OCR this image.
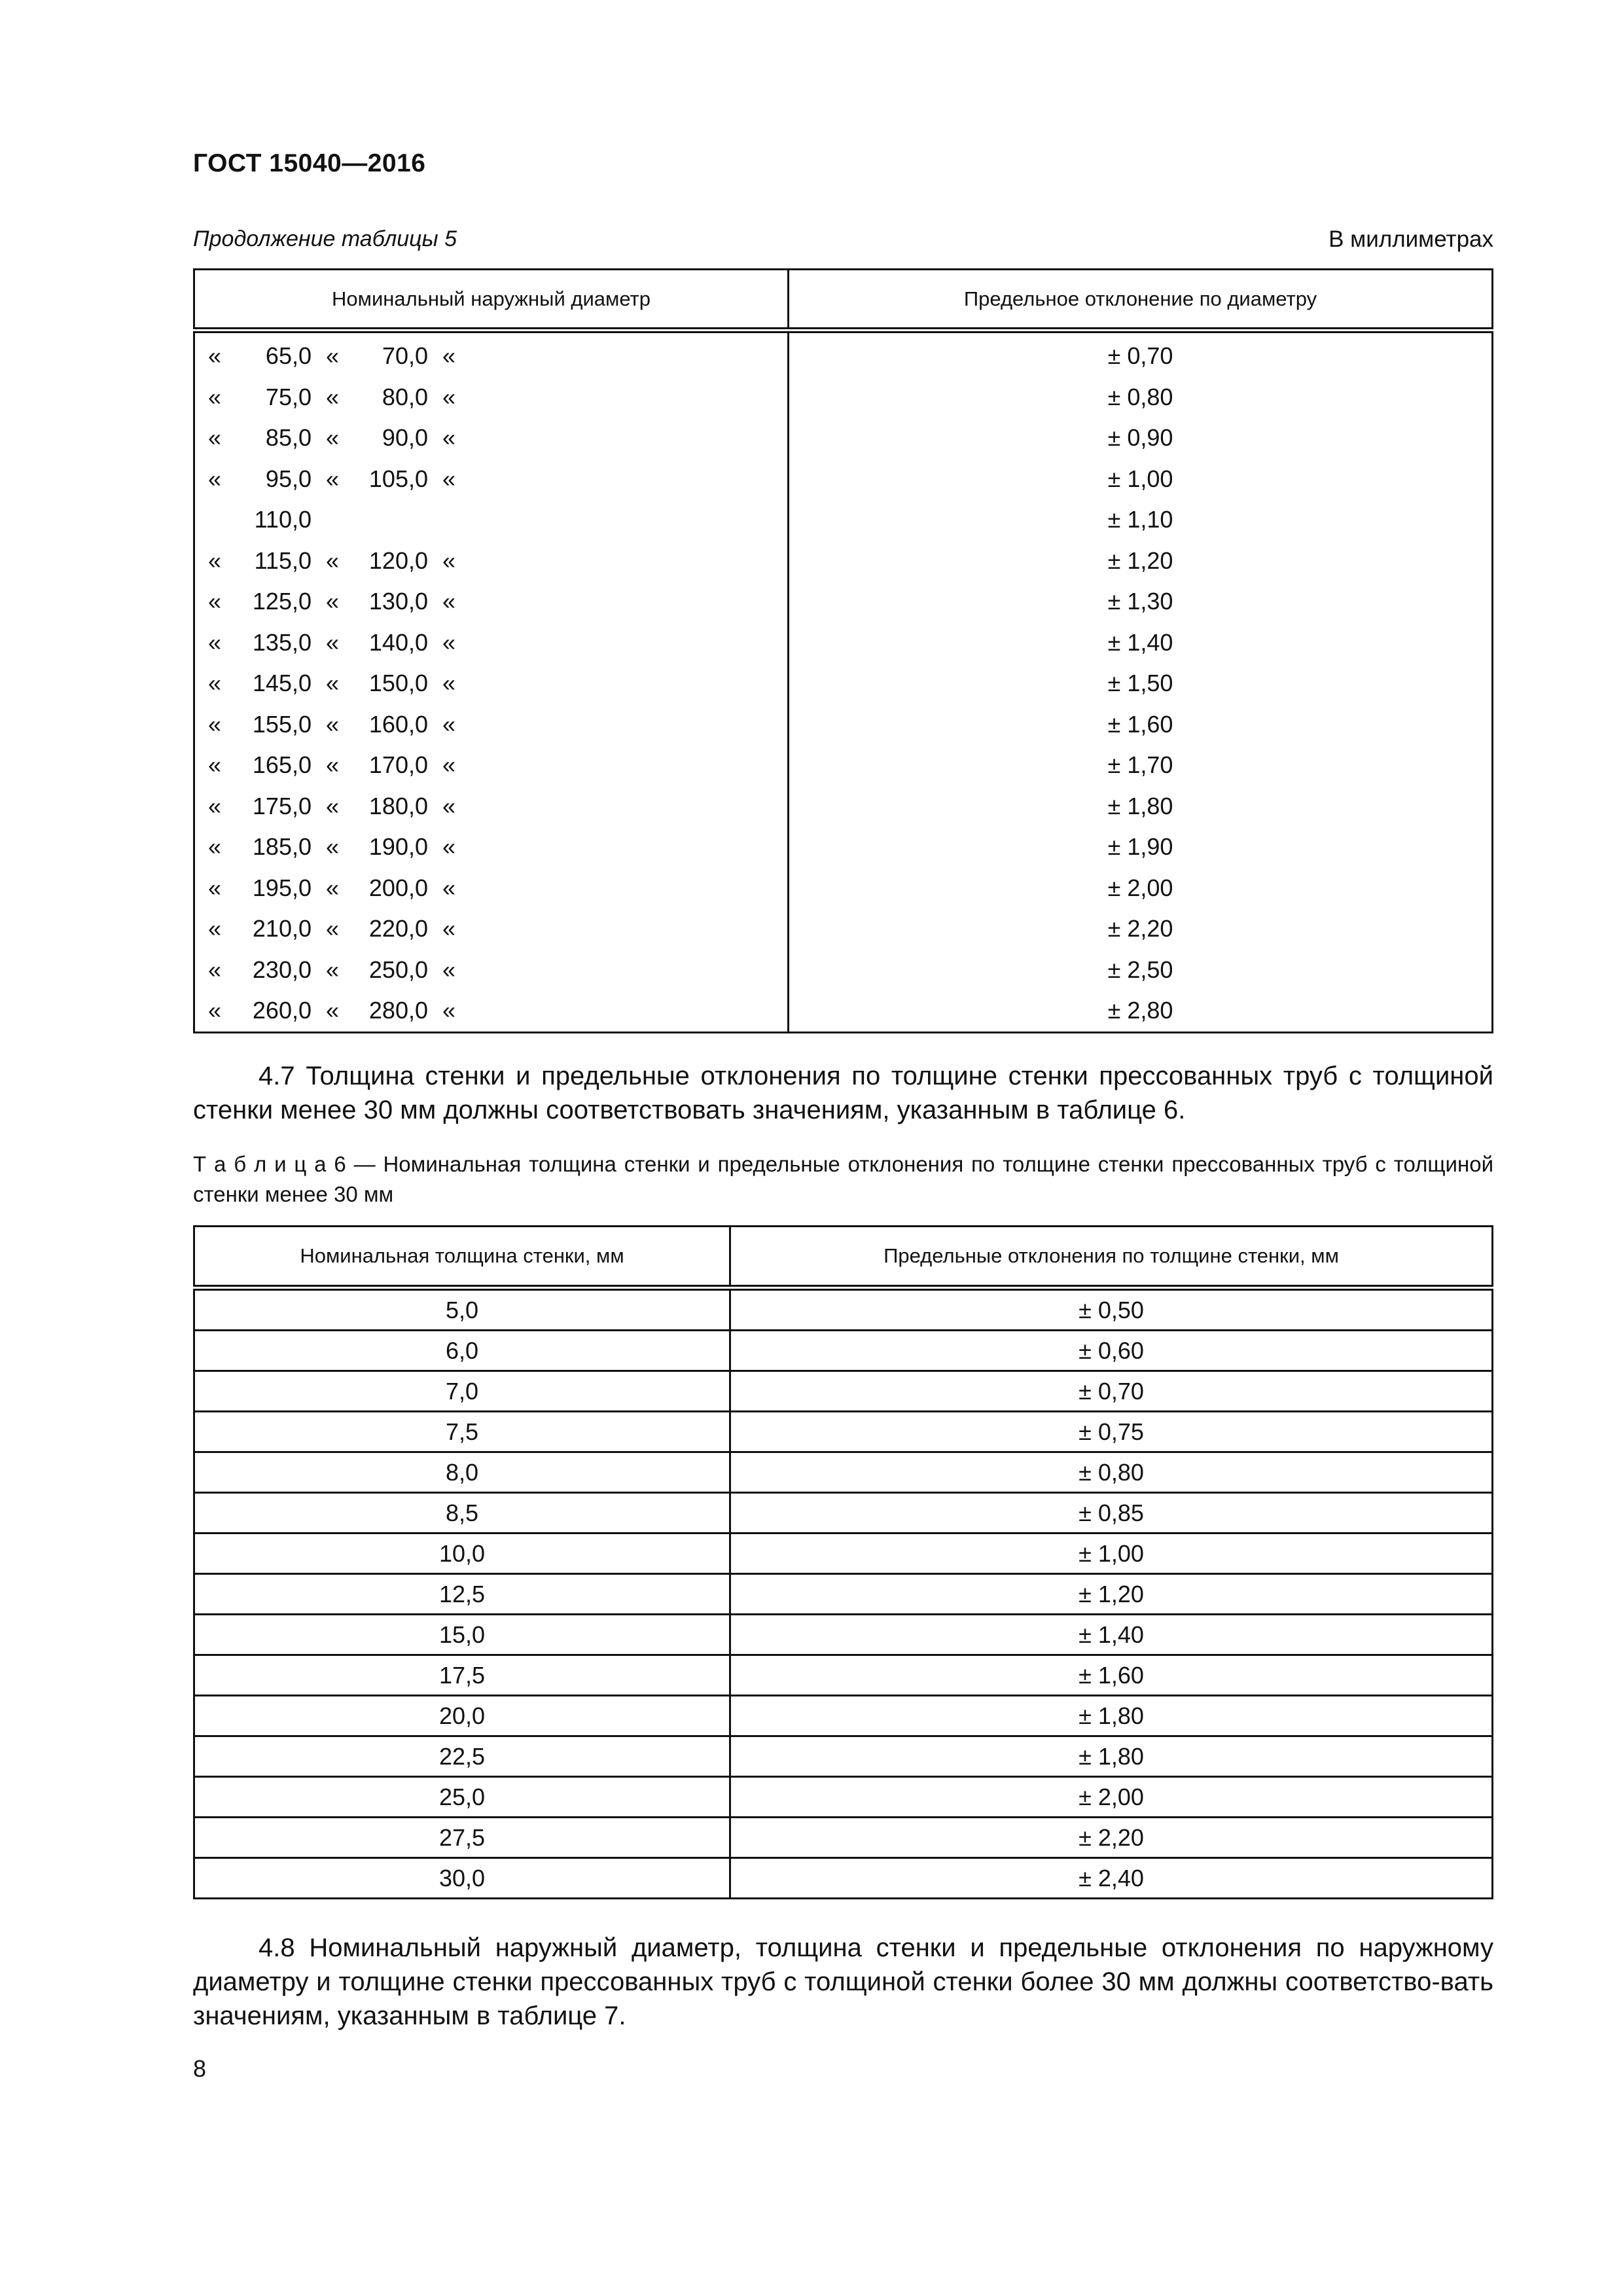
ГОСТ 15040—2016
Продолжение таблицы 5	В миллиметрах
Номинальный наружный диаметр	Предельное отклонение по диаметру

« 65,0 « 70,0 «	± 0,70

« 75,0 « 80,0 «	± 0,80

« 85,0 « 90,0 «	± 0,90

« 95,0 « 105,0 «	± 1,00

110,0	± 1,10

« 115,0 « 120,0 «	± 1,20

« 125,0 « 130,0 «	± 1,30

« 135,0 « 140,0 «	± 1,40

« 145,0 « 150,0 «	± 1,50

« 155,0 « 160,0 «	± 1,60

« 165,0 « 170,0 «	± 1,70

« 175,0 « 180,0 «	± 1,80

« 185,0 « 190,0 «	± 1,90

« 195,0 « 200,0 «	± 2,00

« 210,0 « 220,0 «	± 2,20

« 230,0 « 250,0 «	± 2,50

« 260,0 « 280,0 «	± 2,80
4.7 Толщина стенки и предельные отклонения по толщине стенки прессованных труб с толщиной стенки менее 30 мм должны соответствовать значениям, указанным в таблице 6.
Т а б л и ц а 6 — Номинальная толщина стенки и предельные отклонения по толщине стенки прессованных труб с толщиной стенки менее 30 мм
Номинальная толщина стенки, мм	Предельные отклонения по толщине стенки, мм
5,0	± 0,50
6,0	± 0,60
7,0	± 0,70
7,5	± 0,75
8,0	± 0,80
8,5	± 0,85
10,0	± 1,00
12,5	± 1,20
15,0	± 1,40
17,5	± 1,60
20,0	± 1,80
22,5	± 1,80
25,0	± 2,00
27,5	± 2,20
30,0	± 2,40
4.8 Номинальный наружный диаметр, толщина стенки и предельные отклонения по наружному диаметру и толщине стенки прессованных труб с толщиной стенки более 30 мм должны соответство-вать значениям, указанным в таблице 7.
8
